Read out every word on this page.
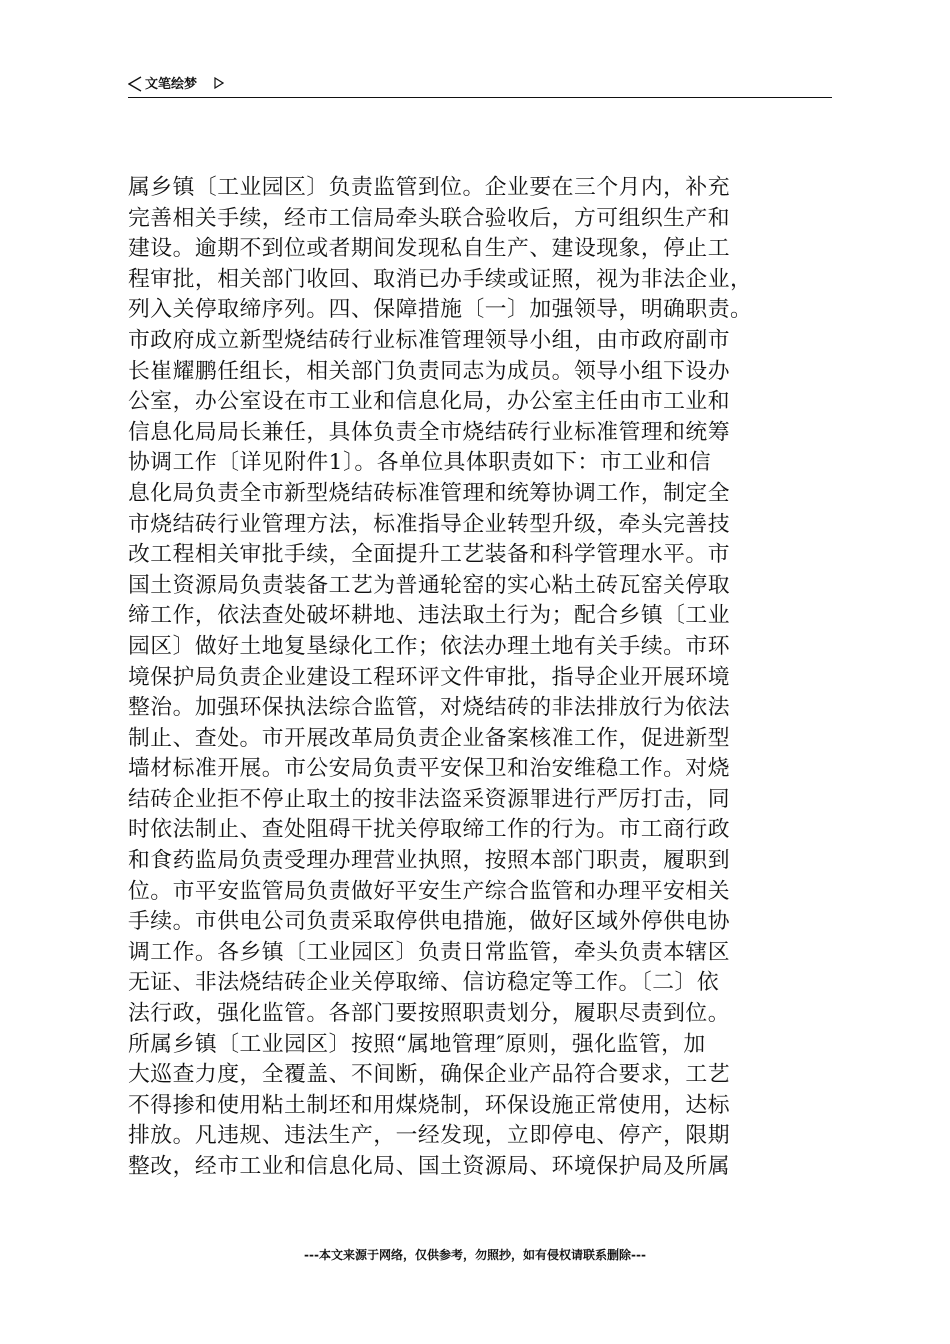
文笔绘梦
属乡镇〔工业园区〕负责监管到位。企业要在三个月内，补充
完善相关手续，经市工信局牵头联合验收后，方可组织生产和
建设。逾期不到位或者期间发现私自生产、建设现象，停止工
程审批，相关部门收回、取消已办手续或证照，视为非法企业，
列入关停取缔序列。四、保障措施〔一〕加强领导，明确职责。
市政府成立新型烧结砖行业标准管理领导小组，由市政府副市
长崔耀鹏任组长，相关部门负责同志为成员。领导小组下设办
公室，办公室设在市工业和信息化局，办公室主任由市工业和
信息化局局长兼任，具体负责全市烧结砖行业标准管理和统筹
协调工作〔详见附件1〕。各单位具体职责如下：市工业和信
息化局负责全市新型烧结砖标准管理和统筹协调工作，制定全
市烧结砖行业管理方法，标准指导企业转型升级，牵头完善技
改工程相关审批手续，全面提升工艺装备和科学管理水平。市
国土资源局负责装备工艺为普通轮窑的实心粘土砖瓦窑关停取
缔工作，依法查处破坏耕地、违法取土行为；配合乡镇〔工业
园区〕做好土地复垦绿化工作；依法办理土地有关手续。市环
境保护局负责企业建设工程环评文件审批，指导企业开展环境
整治。加强环保执法综合监管，对烧结砖的非法排放行为依法
制止、查处。市开展改革局负责企业备案核准工作，促进新型
墙材标准开展。市公安局负责平安保卫和治安维稳工作。对烧
结砖企业拒不停止取土的按非法盗采资源罪进行严厉打击，同
时依法制止、查处阻碍干扰关停取缔工作的行为。市工商行政
和食药监局负责受理办理营业执照，按照本部门职责，履职到
位。市平安监管局负责做好平安生产综合监管和办理平安相关
手续。市供电公司负责采取停供电措施，做好区域外停供电协
调工作。各乡镇〔工业园区〕负责日常监管，牵头负责本辖区
无证、非法烧结砖企业关停取缔、信访稳定等工作。〔二〕依
法行政，强化监管。各部门要按照职责划分，履职尽责到位。
所属乡镇〔工业园区〕按照“属地管理″原则，强化监管，加
大巡查力度，全覆盖、不间断，确保企业产品符合要求，工艺
不得掺和使用粘土制坯和用煤烧制，环保设施正常使用，达标
排放。凡违规、违法生产，一经发现，立即停电、停产，限期
整改，经市工业和信息化局、国土资源局、环境保护局及所属
---本文来源于网络，仅供参考，勿照抄，如有侵权请联系删除---
